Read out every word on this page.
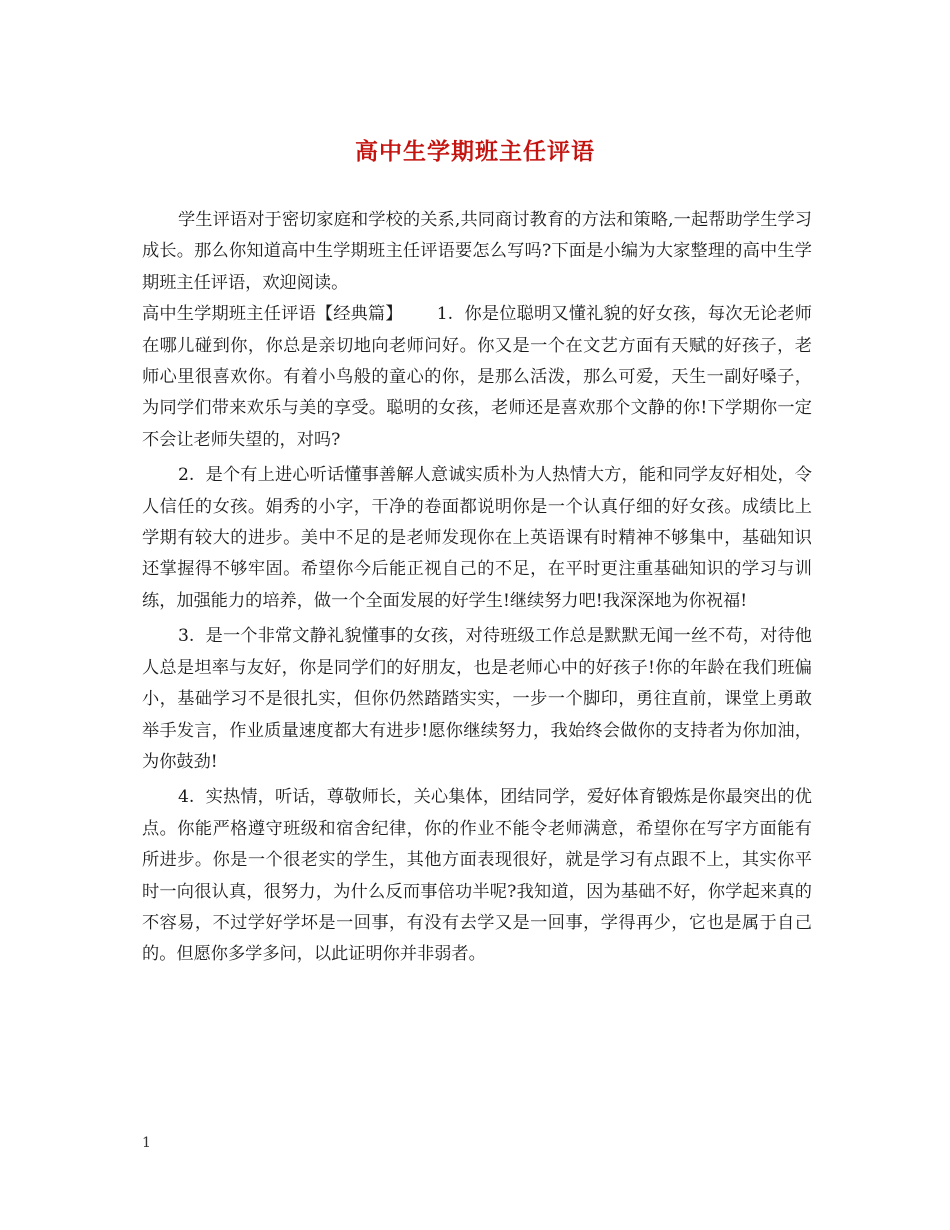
高中生学期班主任评语

学生评语对于密切家庭和学校的关系,共同商讨教育的方法和策略,一起帮助学生学习成长。那么你知道高中生学期班主任评语要怎么写吗?下面是小编为大家整理的高中生学期班主任评语，欢迎阅读。

高中生学期班主任评语【经典篇】 1. 你是位聪明又懂礼貌的好女孩，每次无论老师在哪儿碰到你，你总是亲切地向老师问好。你又是一个在文艺方面有天赋的好孩子，老师心里很喜欢你。有着小鸟般的童心的你，是那么活泼，那么可爱，天生一副好嗓子，为同学们带来欢乐与美的享受。聪明的女孩，老师还是喜欢那个文静的你!下学期你一定不会让老师失望的，对吗?

2. 是个有上进心听话懂事善解人意诚实质朴为人热情大方，能和同学友好相处，令人信任的女孩。娟秀的小字，干净的卷面都说明你是一个认真仔细的好女孩。成绩比上学期有较大的进步。美中不足的是老师发现你在上英语课有时精神不够集中，基础知识还掌握得不够牢固。希望你今后能正视自己的不足，在平时更注重基础知识的学习与训练，加强能力的培养，做一个全面发展的好学生!继续努力吧!我深深地为你祝福!

3. 是一个非常文静礼貌懂事的女孩，对待班级工作总是默默无闻一丝不苟，对待他人总是坦率与友好，你是同学们的好朋友，也是老师心中的好孩子!你的年龄在我们班偏小，基础学习不是很扎实，但你仍然踏踏实实，一步一个脚印，勇往直前，课堂上勇敢举手发言，作业质量速度都大有进步!愿你继续努力，我始终会做你的支持者为你加油，为你鼓劲!

4. 实热情，听话，尊敬师长，关心集体，团结同学，爱好体育锻炼是你最突出的优点。你能严格遵守班级和宿舍纪律，你的作业不能令老师满意，希望你在写字方面能有所进步。你是一个很老实的学生，其他方面表现很好，就是学习有点跟不上，其实你平时一向很认真，很努力，为什么反而事倍功半呢?我知道，因为基础不好，你学起来真的不容易，不过学好学坏是一回事，有没有去学又是一回事，学得再少，它也是属于自己的。但愿你多学多问，以此证明你并非弱者。

1
